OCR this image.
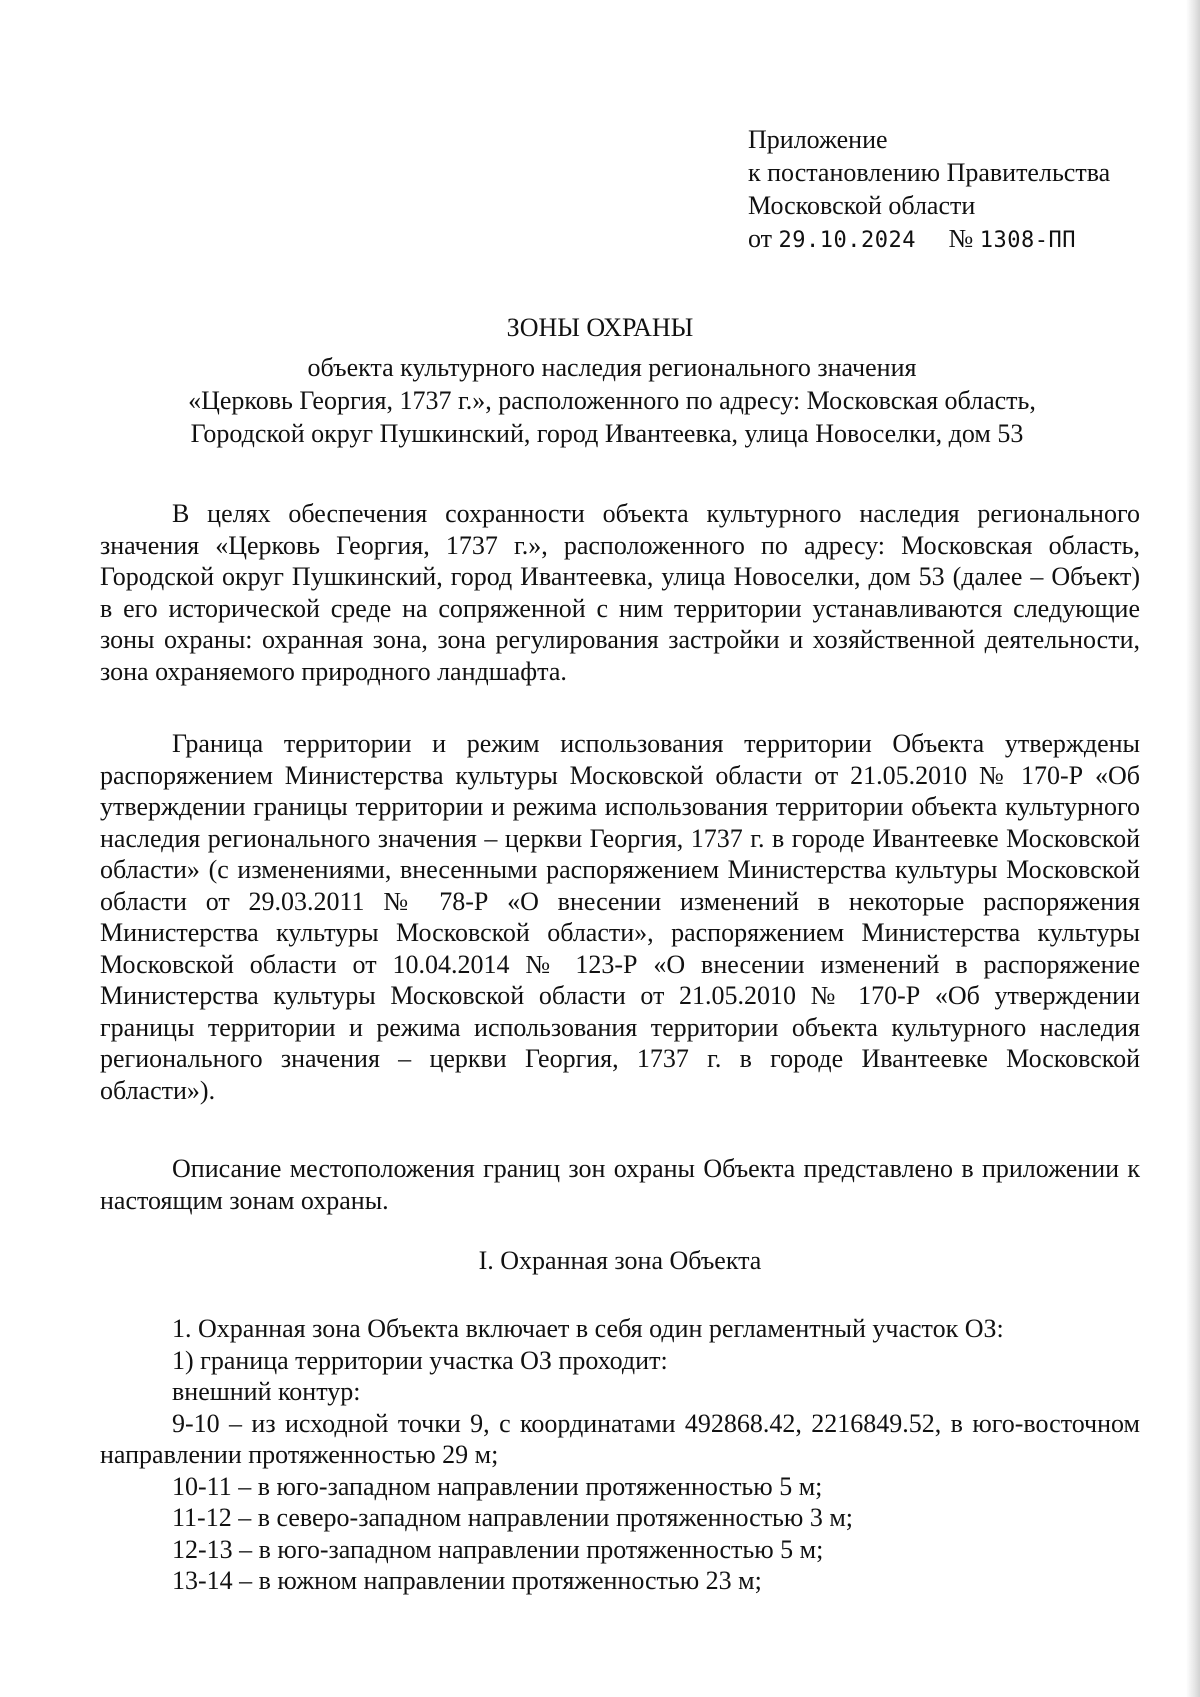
Приложение
к постановлению Правительства
Московской области
от 29.10.2024 № 1308-ПП
ЗОНЫ ОХРАНЫ
объекта культурного наследия регионального значения
«Церковь Георгия, 1737 г.», расположенного по адресу: Московская область,
Городской округ Пушкинский, город Ивантеевка, улица Новоселки, дом 53

В целях обеспечения сохранности объекта культурного наследия регионального значения «Церковь Георгия, 1737 г.», расположенного по адресу: Московская область, Городской округ Пушкинский, город Ивантеевка, улица Новоселки, дом 53 (далее – Объект) в его исторической среде на сопряженной с ним территории устанавливаются следующие зоны охраны: охранная зона, зона регулирования застройки и хозяйственной деятельности, зона охраняемого природного ландшафта.

Граница территории и режим использования территории Объекта утверждены распоряжением Министерства культуры Московской области от 21.05.2010 № 170-Р «Об утверждении границы территории и режима использования территории объекта культурного наследия регионального значения – церкви Георгия, 1737 г. в городе Ивантеевке Московской области» (с изменениями, внесенными распоряжением Министерства культуры Московской области от 29.03.2011 № 78-Р «О внесении изменений в некоторые распоряжения Министерства культуры Московской области», распоряжением Министерства культуры Московской области от 10.04.2014 № 123-Р «О внесении изменений в распоряжение Министерства культуры Московской области от 21.05.2010 № 170-Р «Об утверждении границы территории и режима использования территории объекта культурного наследия регионального значения – церкви Георгия, 1737 г. в городе Ивантеевке Московской области»).

Описание местоположения границ зон охраны Объекта представлено в приложении к настоящим зонам охраны.

I. Охранная зона Объекта
1. Охранная зона Объекта включает в себя один регламентный участок ОЗ:
1) граница территории участка ОЗ проходит:
внешний контур:
9-10 – из исходной точки 9, с координатами 492868.42, 2216849.52, в юго-восточном направлении протяженностью 29 м;
10-11 – в юго-западном направлении протяженностью 5 м;
11-12 – в северо-западном направлении протяженностью 3 м;
12-13 – в юго-западном направлении протяженностью 5 м;
13-14 – в южном направлении протяженностью 23 м;
